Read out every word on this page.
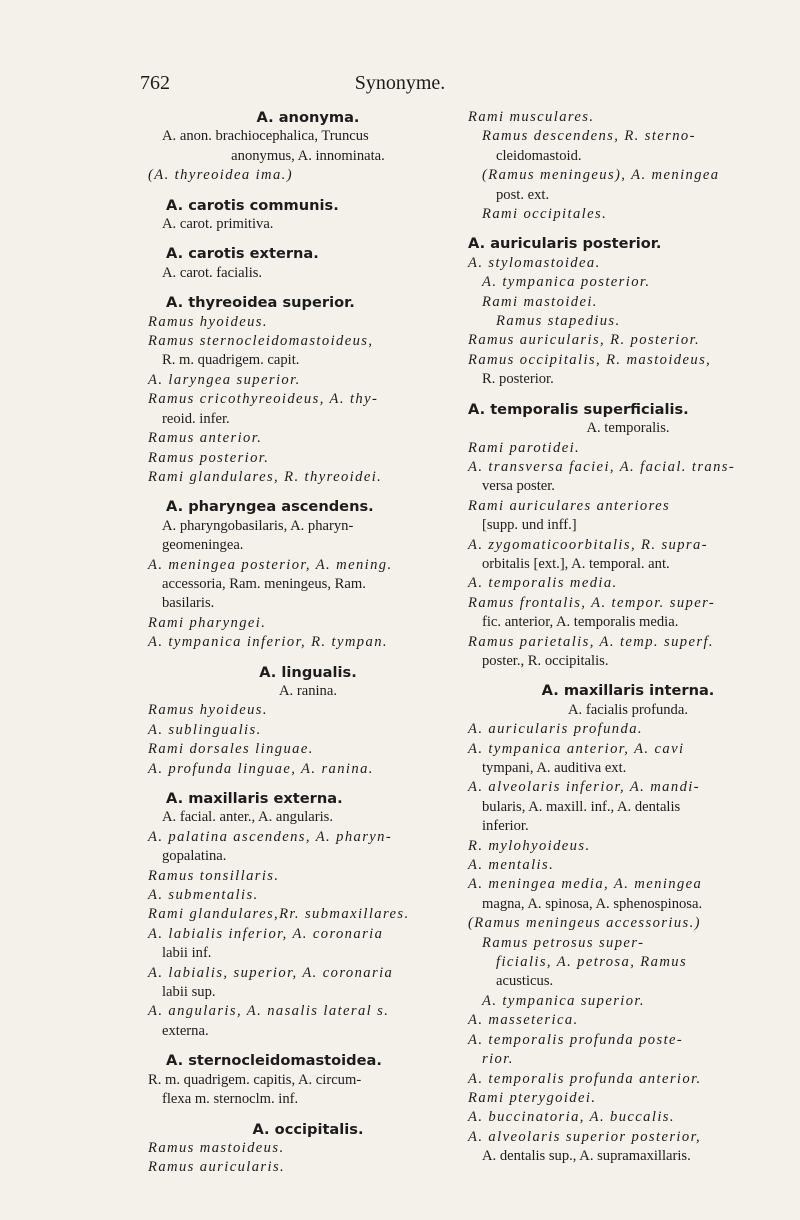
762	Synonyme.
A. anonyma.
A. anon. brachiocephalica, Truncus
anonymus, A. innominata.
(A. thyreoidea ima.)
A. carotis communis.
A. carot. primitiva.
A. carotis externa.
A. carot. facialis.
A. thyreoidea superior.
Ramus hyoideus.
Ramus sternocleidomastoideus,
R. m. quadrigem. capit.
A. laryngea superior.
Ramus cricothyreoideus, A. thy-
reoid. infer.
Ramus anterior.
Ramus posterior.
Rami glandulares, R. thyreoidei.
A. pharyngea ascendens.
A. pharyngobasilaris, A. pharyn-
geomeningea.
A. meningea posterior, A. mening.
accessoria, Ram. meningeus, Ram.
basilaris.
Rami pharyngei.
A. tympanica inferior, R. tympan.
A. lingualis.
A. ranina.
Ramus hyoideus.
A. sublingualis.
Rami dorsales linguae.
A. profunda linguae, A. ranina.
A. maxillaris externa.
A. facial. anter., A. angularis.
A. palatina ascendens, A. pharyn-
gopalatina.
Ramus tonsillaris.
A. submentalis.
Rami glandulares,Rr. submaxillares.
A. labialis inferior, A. coronaria
labii inf.
A. labialis, superior, A. coronaria
labii sup.
A. angularis, A. nasalis lateral s.
externa.
A. sternocleidomastoidea.
R. m. quadrigem. capitis, A. circum-
flexa m. sternoclm. inf.
A. occipitalis.
Ramus mastoideus.
Ramus auricularis.
Rami musculares.
Ramus descendens, R. sterno-
cleidomastoid.
(Ramus meningeus), A. meningea
post. ext.
Rami occipitales.
A. auricularis posterior.
A. stylomastoidea.
A. tympanica posterior.
Rami mastoidei.
Ramus stapedius.
Ramus auricularis, R. posterior.
Ramus occipitalis, R. mastoideus,
R. posterior.
A. temporalis superficialis.
A. temporalis.
Rami parotidei.
A. transversa faciei, A. facial. trans-
versa poster.
Rami auriculares anteriores
[supp. und inff.]
A. zygomaticoorbitalis, R. supra-
orbitalis [ext.], A. temporal. ant.
A. temporalis media.
Ramus frontalis, A. tempor. super-
fic. anterior, A. temporalis media.
Ramus parietalis, A. temp. superf.
poster., R. occipitalis.
A. maxillaris interna.
A. facialis profunda.
A. auricularis profunda.
A. tympanica anterior, A. cavi
tympani, A. auditiva ext.
A. alveolaris inferior, A. mandi-
bularis, A. maxill. inf., A. dentalis
inferior.
R. mylohyoideus.
A. mentalis.
A. meningea media, A. meningea
magna, A. spinosa, A. sphenospinosa.
(Ramus meningeus accessorius.)
Ramus petrosus super-
ficialis, A. petrosa, Ramus
acusticus.
A. tympanica superior.
A. masseterica.
A. temporalis profunda poste-
rior.
A. temporalis profunda anterior.
Rami pterygoidei.
A. buccinatoria, A. buccalis.
A. alveolaris superior posterior,
A. dentalis sup., A. supramaxillaris.
